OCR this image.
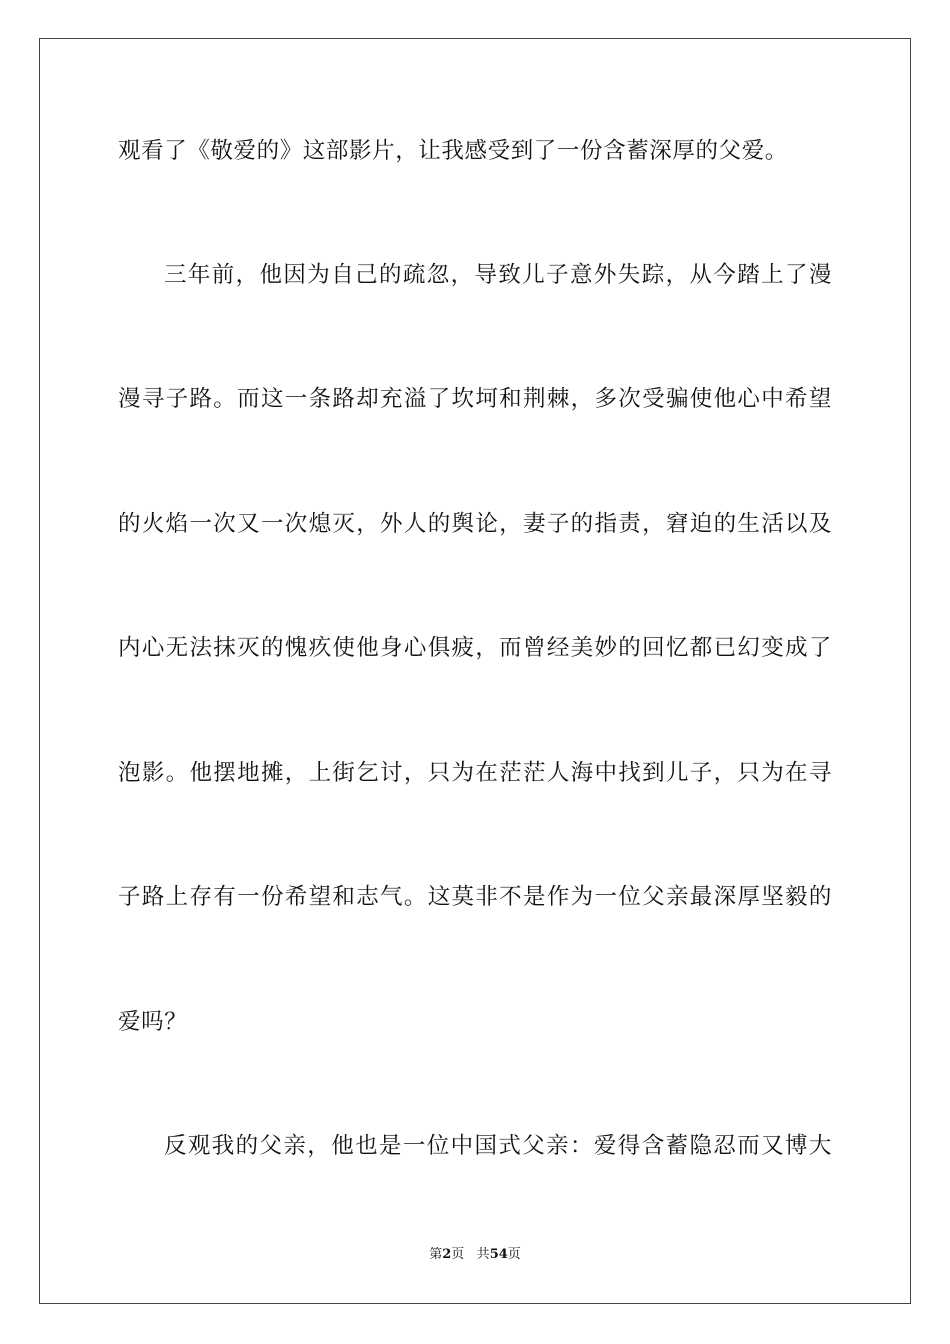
观看了《敬爱的》这部影片，让我感受到了一份含蓄深厚的父爱。
三年前，他因为自己的疏忽，导致儿子意外失踪，从今踏上了漫
漫寻子路。而这一条路却充溢了坎坷和荆棘，多次受骗使他心中希望
的火焰一次又一次熄灭，外人的舆论，妻子的指责，窘迫的生活以及
内心无法抹灭的愧疚使他身心俱疲，而曾经美妙的回忆都已幻变成了
泡影。他摆地摊，上街乞讨，只为在茫茫人海中找到儿子，只为在寻
子路上存有一份希望和志气。这莫非不是作为一位父亲最深厚坚毅的
爱吗？
反观我的父亲，他也是一位中国式父亲：爱得含蓄隐忍而又博大
第2页 共54页
